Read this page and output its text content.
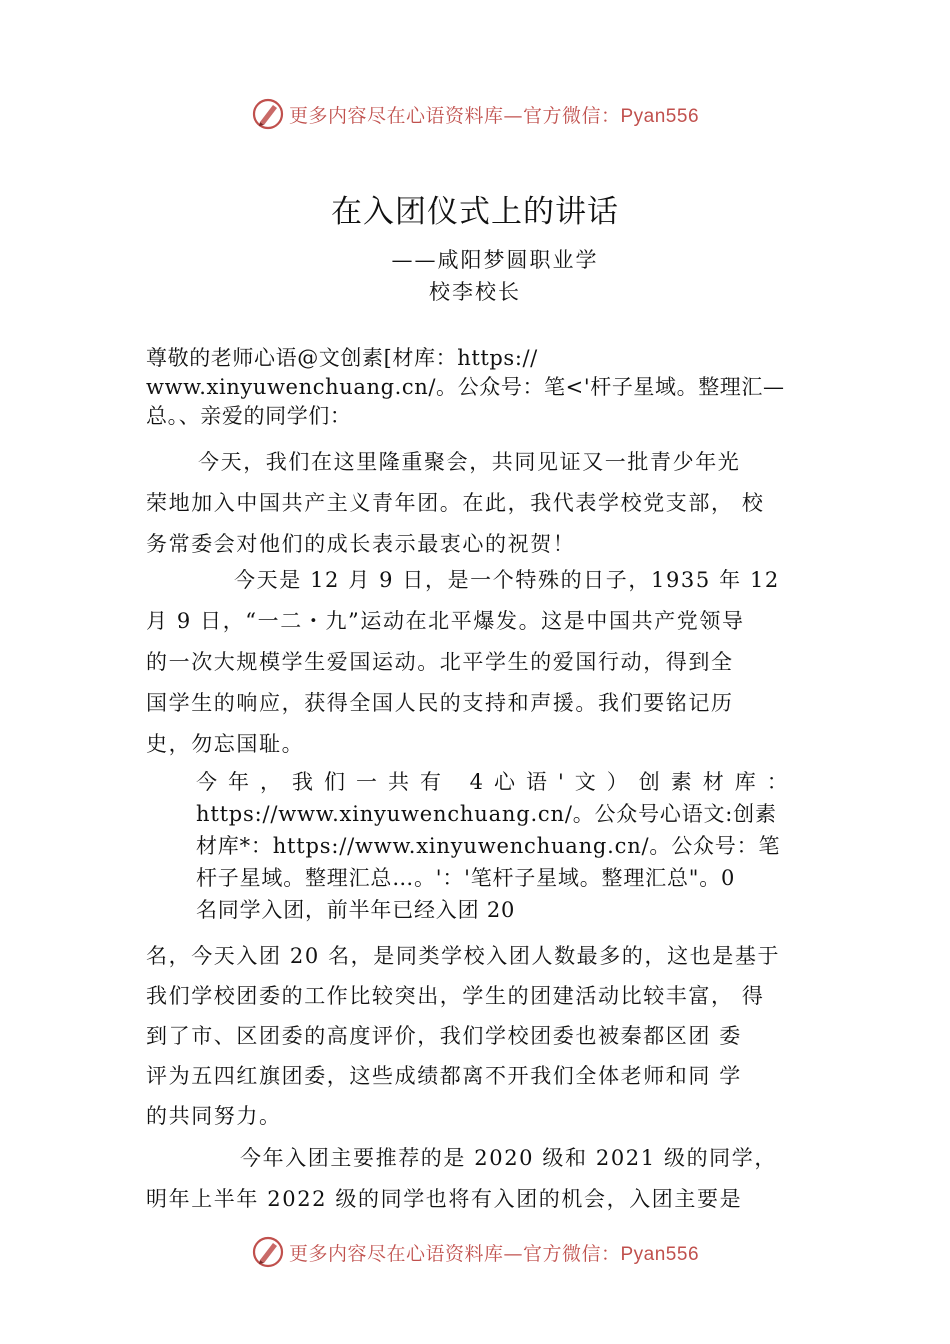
更多内容尽在心语资料库—官方微信：Pyan556
在入团仪式上的讲话

——咸阳梦圆职业学

校李校长

尊敬的老师心语@文创素[材库：https://
www.xinyuwenchuang.cn/。公众号：笔<'杆子星域。整理汇—
总。、亲爱的同学们：
今天，我们在这里隆重聚会，共同见证又一批青少年光
荣地加入中国共产主义青年团。在此，我代表学校党支部， 校
务常委会对他们的成长表示最衷心的祝贺！
今天是 12 月 9 日，是一个特殊的日子，1935 年 12
月 9 日，“一二・九”运动在北平爆发。这是中国共产党领导
的一次大规模学生爱国运动。北平学生的爱国行动，得到全
国学生的响应，获得全国人民的支持和声援。我们要铭记历
史，勿忘国耻。
今年，我们一共有 4心语'文）创素材库：
https://www.xinyuwenchuang.cn/。公众号心语文:创素
材库*：https://www.xinyuwenchuang.cn/。公众号：笔
杆子星域。整理汇总…。'：'笔杆子星域。整理汇总"。0
名同学入团，前半年已经入团 20
名，今天入团 20 名，是同类学校入团人数最多的，这也是基于
我们学校团委的工作比较突出，学生的团建活动比较丰富， 得
到了市、区团委的高度评价，我们学校团委也被秦都区团 委
评为五四红旗团委，这些成绩都离不开我们全体老师和同 学
的共同努力。
今年入团主要推荐的是 2020 级和 2021 级的同学，
明年上半年 2022 级的同学也将有入团的机会，入团主要是
更多内容尽在心语资料库—官方微信：Pyan556
